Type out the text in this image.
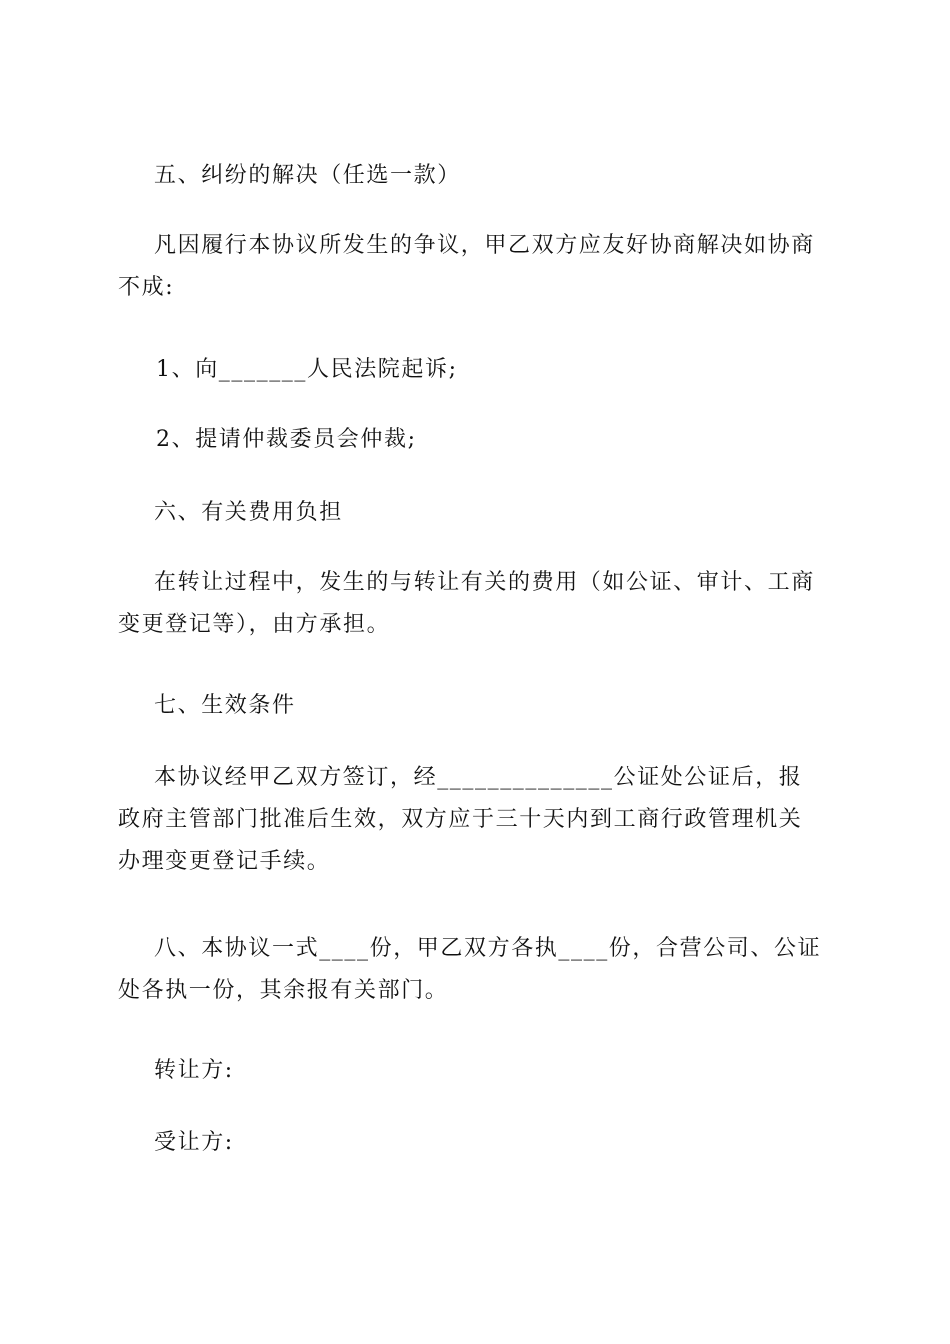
五、纠纷的解决（任选一款）

凡因履行本协议所发生的争议，甲乙双方应友好协商解决如协商不成:

1、向_______人民法院起诉;

2、提请仲裁委员会仲裁;

六、有关费用负担

在转让过程中，发生的与转让有关的费用（如公证、审计、工商变更登记等），由方承担。

七、生效条件

本协议经甲乙双方签订，经______________公证处公证后，报政府主管部门批准后生效，双方应于三十天内到工商行政管理机关办理变更登记手续。

八、本协议一式____份，甲乙双方各执____份，合营公司、公证处各执一份，其余报有关部门。

转让方:

受让方:
